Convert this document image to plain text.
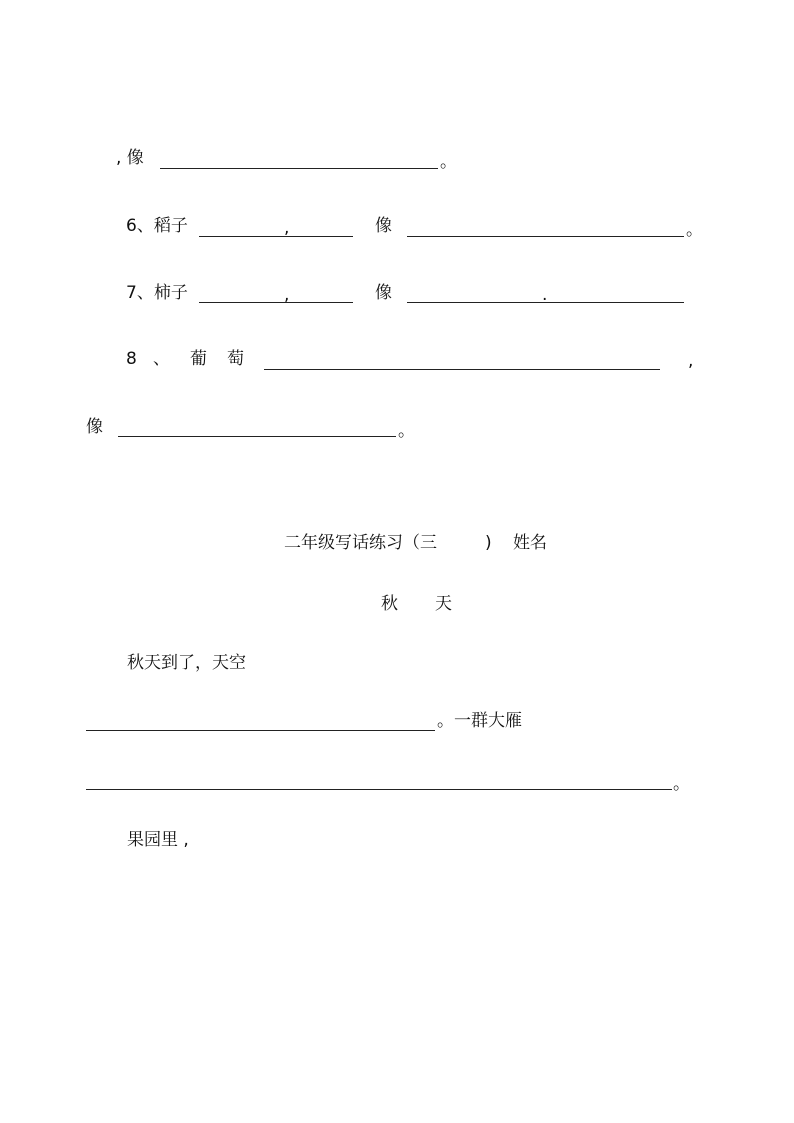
, 像	。
6、稻子	,	像	。
7、柿子	,	像	.
8 、 葡 萄	,
像	。
二年级写话练习（三	) 姓名
秋 天
秋天到了，天空
。一群大雁
。
果园里 ,
